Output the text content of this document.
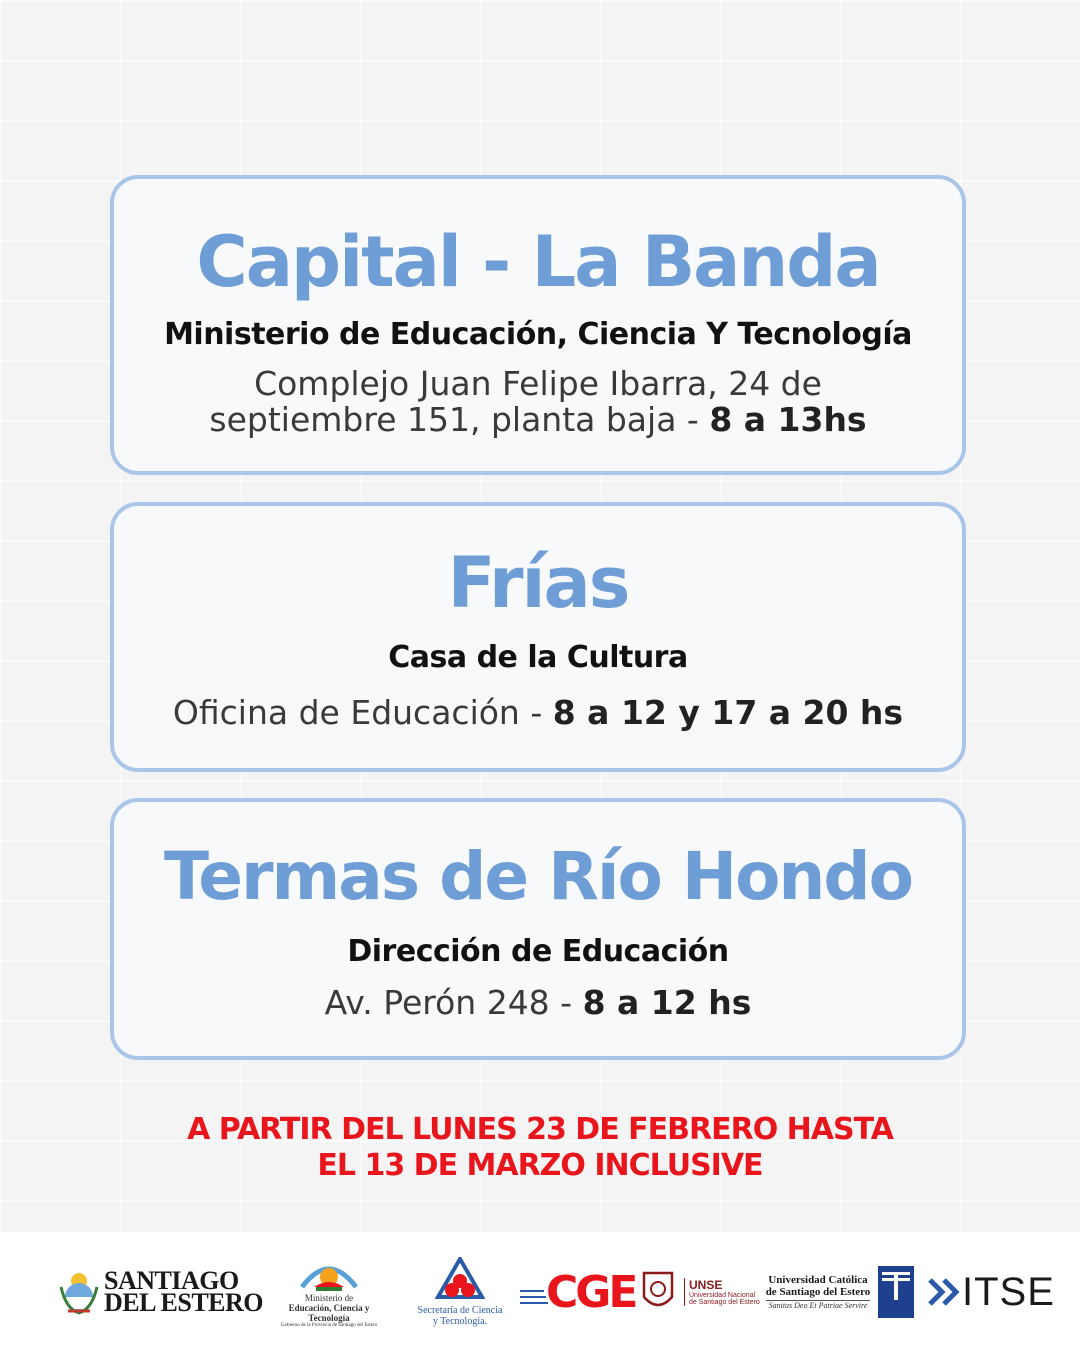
Capital - La Banda

Ministerio de Educación, Ciencia Y Tecnología

Complejo Juan Felipe Ibarra, 24 de septiembre 151, planta baja - 8 a 13hs

Frías

Casa de la Cultura

Oficina de Educación - 8 a 12 y 17 a 20 hs

Termas de Río Hondo

Dirección de Educación

Av. Perón 248 - 8 a 12 hs

A PARTIR DEL LUNES 23 DE FEBRERO HASTA
EL 13 DE MARZO INCLUSIVE
SANTIAGO
DEL ESTERO	Ministerio de
Educación, Ciencia y Tecnología
Gobierno de la Provincia de Santiago del Estero
Secretaría de Ciencia
y Tecnología.
CGE	UNSE
Universidad Nacional
de Santiago del Estero
Universidad Católica
de Santiago del Estero
Sanitas Deo Et Patriae Servire ITSE
